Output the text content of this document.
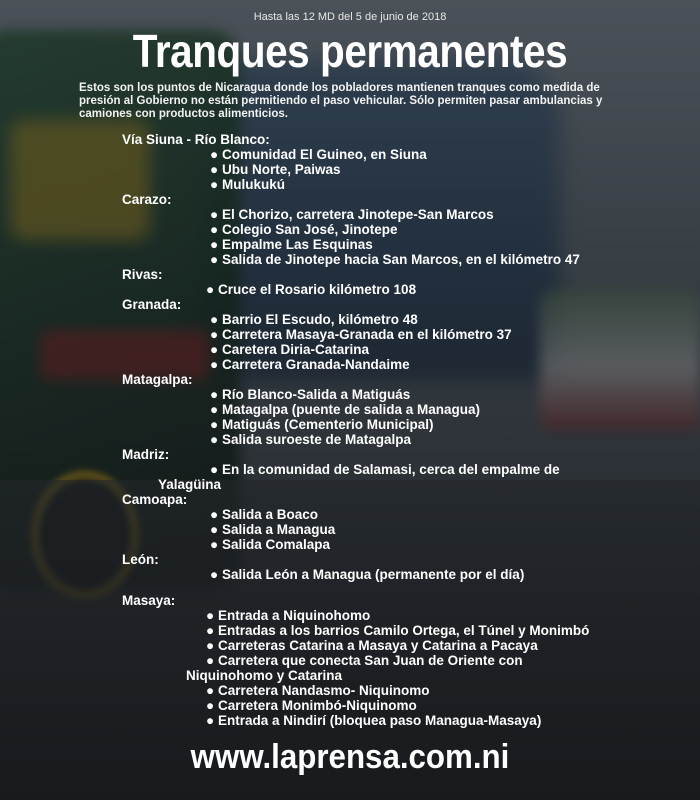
Hasta las 12 MD del 5 de junio de 2018
Tranques permanentes

Estos son los puntos de Nicaragua donde los pobladores mantienen tranques como medida de presión al Gobierno no están permitiendo el paso vehicular. Sólo permiten pasar ambulancias y camiones con productos alimenticios.

Vía Siuna - Río Blanco:
● Comunidad El Guineo, en Siuna
● Ubu Norte, Paiwas
● Mulukukú
Carazo:
● El Chorizo, carretera Jinotepe-San Marcos
● Colegio San José, Jinotepe
● Empalme Las Esquinas
● Salida de Jinotepe hacia San Marcos, en el kilómetro 47
Rivas:
● Cruce el Rosario kilómetro 108
Granada:
● Barrio El Escudo, kilómetro 48
● Carretera Masaya-Granada en el kilómetro 37
● Caretera Diria-Catarina
● Carretera Granada-Nandaime
Matagalpa:
● Río Blanco-Salida a Matiguás
● Matagalpa (puente de salida a Managua)
● Matiguás (Cementerio Municipal)
● Salida suroeste de Matagalpa
Madriz:
● En la comunidad de Salamasi, cerca del empalme de
Yalagüina
Camoapa:
● Salida a Boaco
● Salida a Managua
● Salida Comalapa
León:
● Salida León a Managua (permanente por el día)
Masaya:
● Entrada a Niquinohomo
● Entradas a los barrios Camilo Ortega, el Túnel y Monimbó
● Carreteras Catarina a Masaya y Catarina a Pacaya
● Carretera que conecta San Juan de Oriente con
Niquinohomo y Catarina
● Carretera Nandasmo- Niquinomo
● Carretera Monimbó-Niquinomo
● Entrada a Nindirí (bloquea paso Managua-Masaya)
www.laprensa.com.ni
